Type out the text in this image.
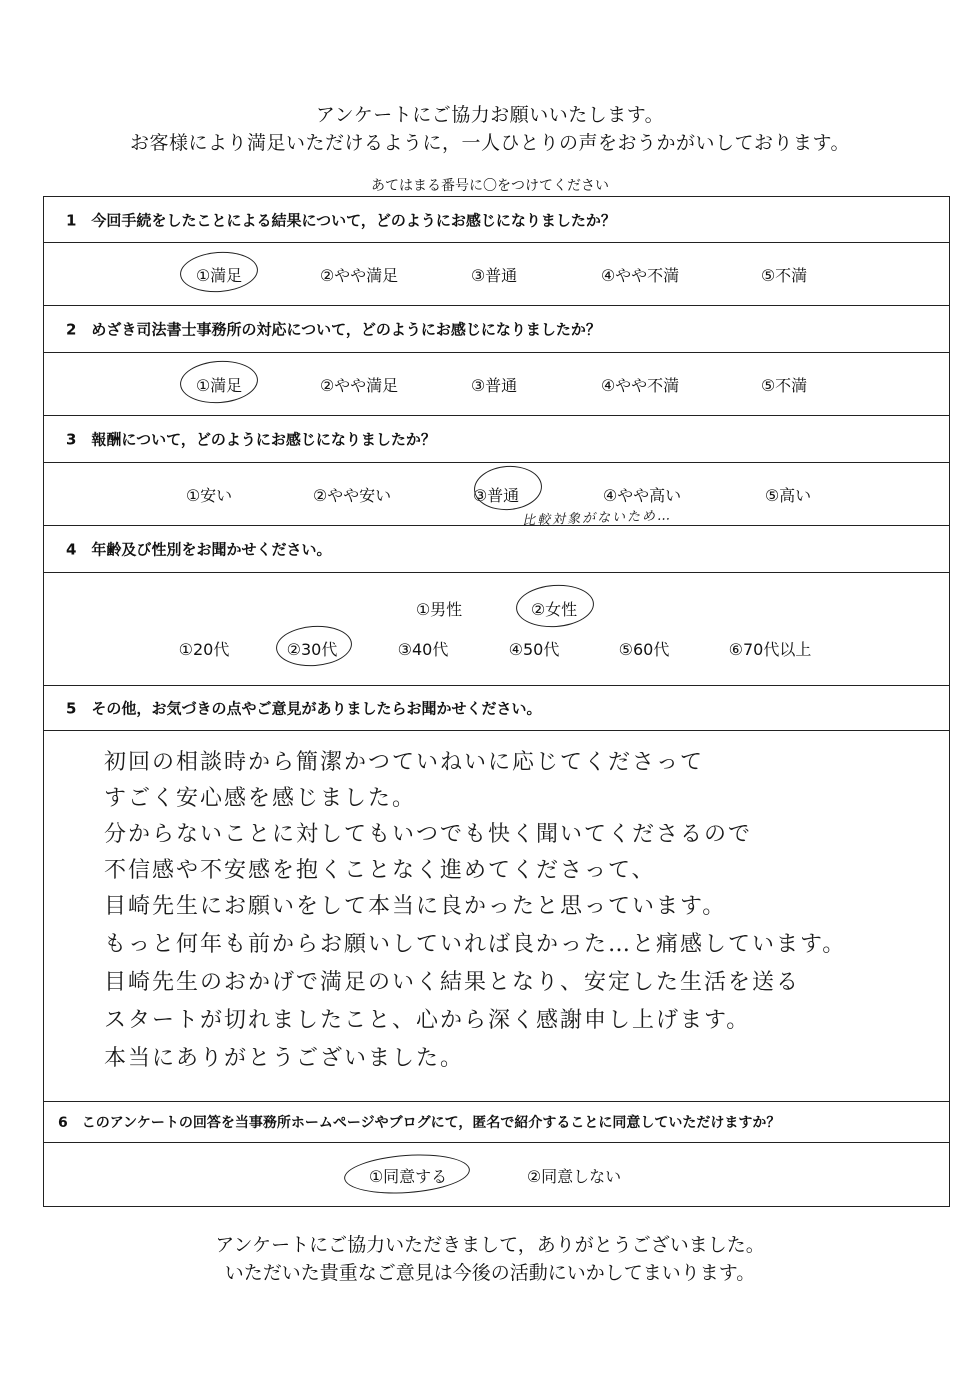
アンケートにご協力お願いいたします。
お客様により満足いただけるように，一人ひとりの声をおうかがいしております。
あてはまる番号に〇をつけてください
1　今回手続をしたことによる結果について，どのようにお感じになりましたか？
①満足	②やや満足	③普通	④やや不満	⑤不満
2　めざき司法書士事務所の対応について，どのようにお感じになりましたか？
①満足	②やや満足	③普通	④やや不満	⑤不満
3　報酬について，どのようにお感じになりましたか？
①安い	②やや安い	③普通	④やや高い	⑤高い
比較対象がないため…
4　年齢及び性別をお聞かせください。
①男性	②女性
①20代	②30代	③40代	④50代	⑤60代	⑥70代以上
5　その他，お気づきの点やご意見がありましたらお聞かせください。
初回の相談時から簡潔かつていねいに応じてくださって
すごく安心感を感じました。
分からないことに対してもいつでも快く聞いてくださるので
不信感や不安感を抱くことなく進めてくださって、
目崎先生にお願いをして本当に良かったと思っています。
もっと何年も前からお願いしていれば良かった…と痛感しています。
目崎先生のおかげで満足のいく結果となり、安定した生活を送る
スタートが切れましたこと、心から深く感謝申し上げます。
本当にありがとうございました。
6　このアンケートの回答を当事務所ホームページやブログにて，匿名で紹介することに同意していただけますか？
①同意する	②同意しない
アンケートにご協力いただきまして，ありがとうございました。
いただいた貴重なご意見は今後の活動にいかしてまいります。
